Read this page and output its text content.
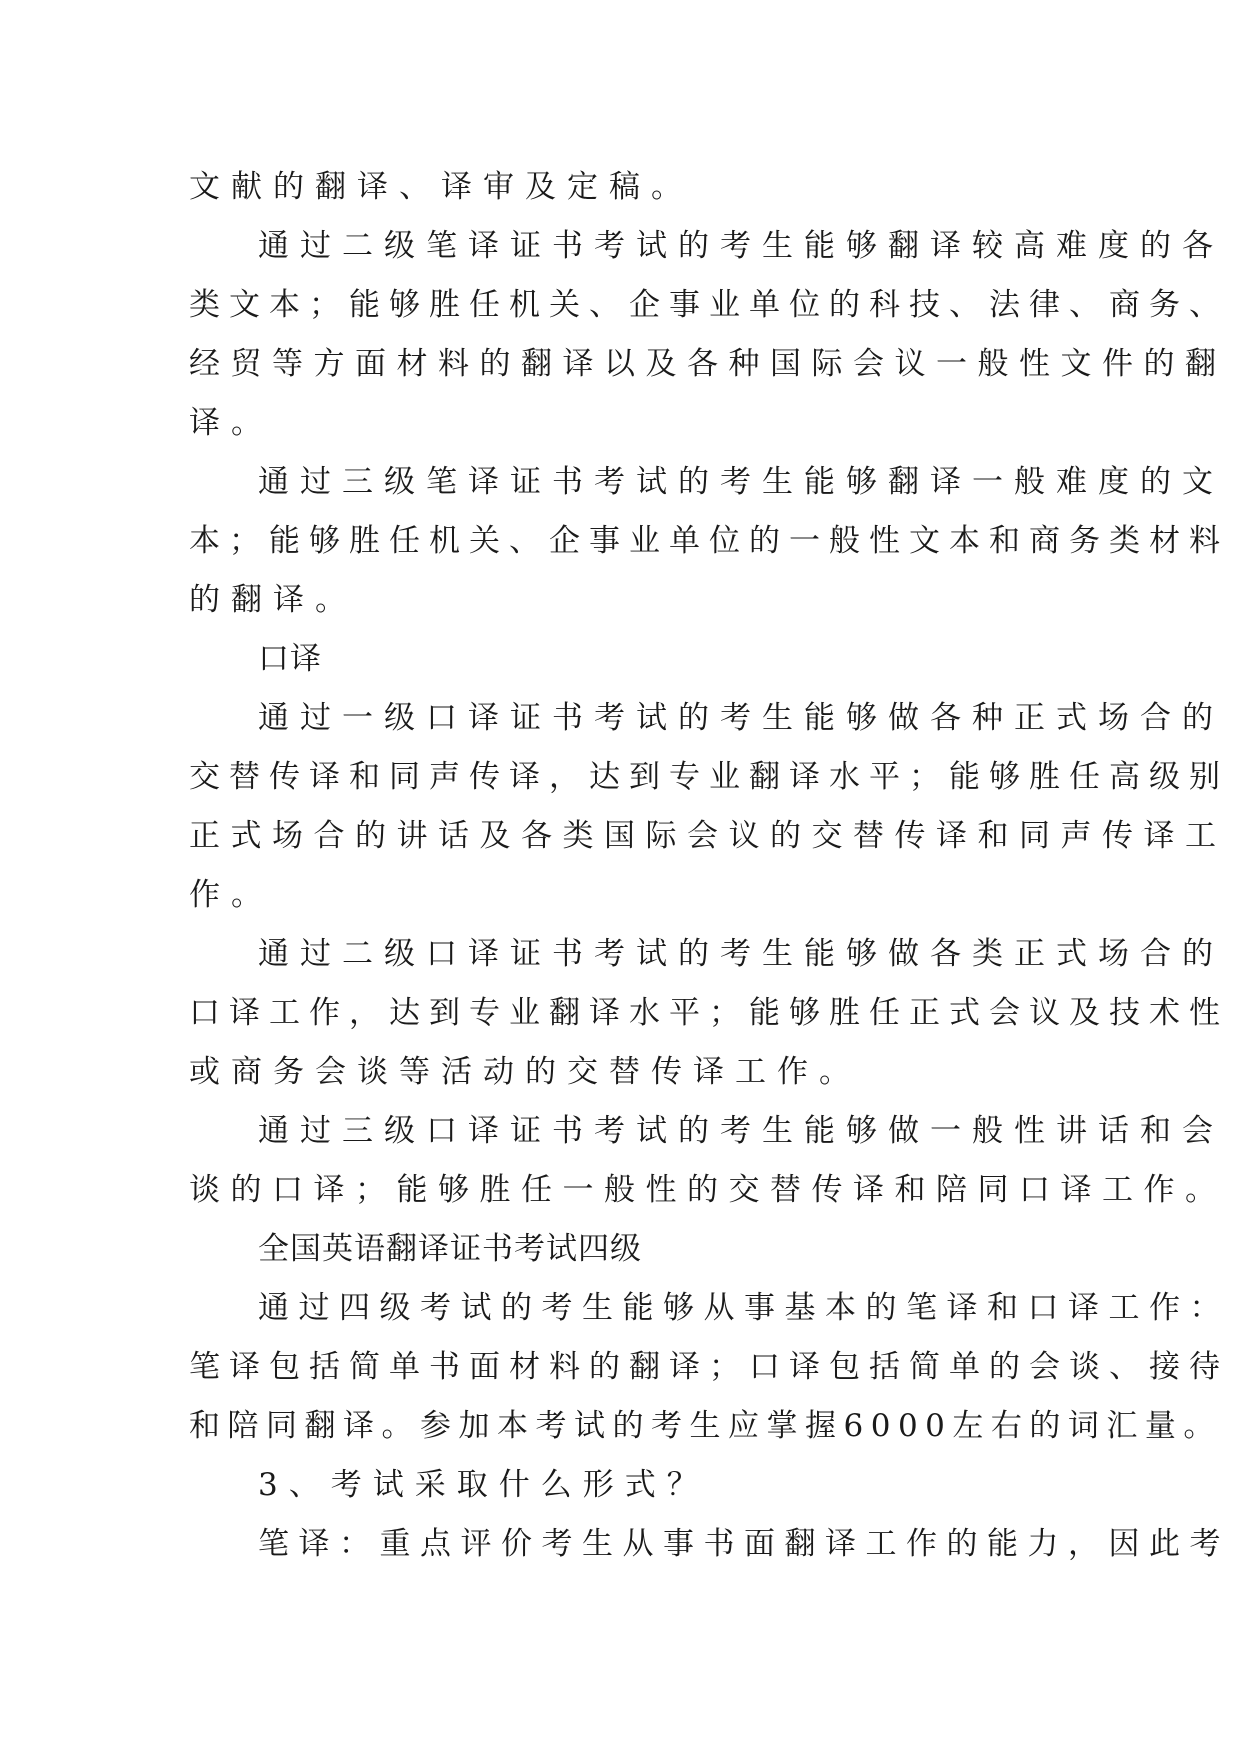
文献的翻译、译审及定稿。
通过二级笔译证书考试的考生能够翻译较高难度的各
类文本；能够胜任机关、企事业单位的科技、法律、商务、
经贸等方面材料的翻译以及各种国际会议一般性文件的翻
译。
通过三级笔译证书考试的考生能够翻译一般难度的文
本；能够胜任机关、企事业单位的一般性文本和商务类材料
的翻译。
口译
通过一级口译证书考试的考生能够做各种正式场合的
交替传译和同声传译，达到专业翻译水平；能够胜任高级别
正式场合的讲话及各类国际会议的交替传译和同声传译工
作。
通过二级口译证书考试的考生能够做各类正式场合的
口译工作，达到专业翻译水平；能够胜任正式会议及技术性
或商务会谈等活动的交替传译工作。
通过三级口译证书考试的考生能够做一般性讲话和会
谈的口译；能够胜任一般性的交替传译和陪同口译工作。
全国英语翻译证书考试四级
通过四级考试的考生能够从事基本的笔译和口译工作：
笔译包括简单书面材料的翻译；口译包括简单的会谈、接待
和陪同翻译。参加本考试的考生应掌握6000左右的词汇量。
3、考试采取什么形式？
笔译：重点评价考生从事书面翻译工作的能力，因此考
